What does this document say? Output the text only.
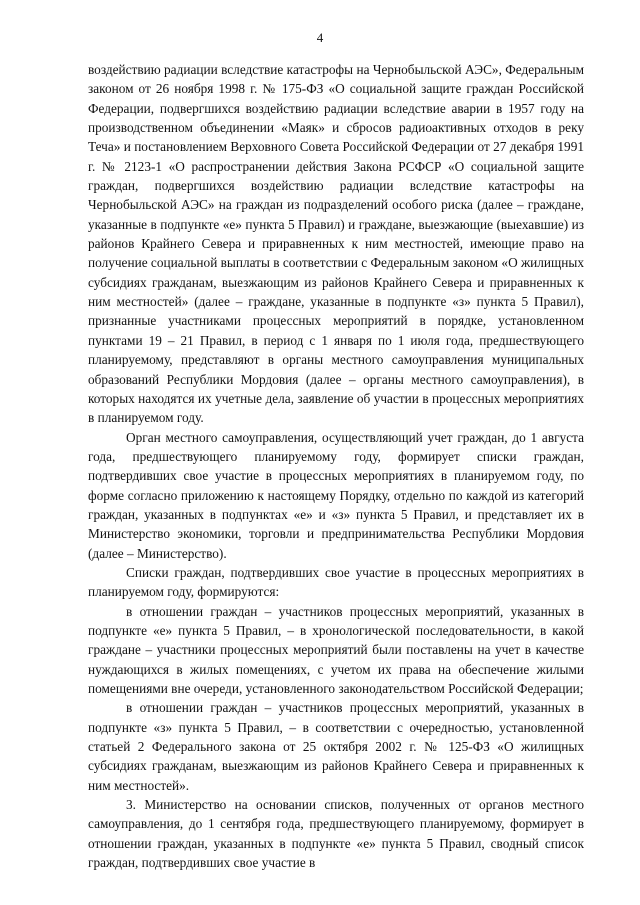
4

воздействию радиации вследствие катастрофы на Чернобыльской АЭС», Федеральным законом от 26 ноября 1998 г. № 175-ФЗ «О социальной защите граждан Российской Федерации, подвергшихся воздействию радиации вследствие аварии в 1957 году на производственном объединении «Маяк» и сбросов радиоактивных отходов в реку Теча» и постановлением Верховного Совета Российской Федерации от 27 декабря 1991 г. № 2123-1 «О распространении действия Закона РСФСР «О социальной защите граждан, подвергшихся воздействию радиации вследствие катастрофы на Чернобыльской АЭС» на граждан из подразделений особого риска (далее – граждане, указанные в подпункте «е» пункта 5 Правил) и граждане, выезжающие (выехавшие) из районов Крайнего Севера и приравненных к ним местностей, имеющие право на получение социальной выплаты в соответствии с Федеральным законом «О жилищных субсидиях гражданам, выезжающим из районов Крайнего Севера и приравненных к ним местностей» (далее – граждане, указанные в подпункте «з» пункта 5 Правил), признанные участниками процессных мероприятий в порядке, установленном пунктами 19 – 21 Правил, в период с 1 января по 1 июля года, предшествующего планируемому, представляют в органы местного самоуправления муниципальных образований Республики Мордовия (далее – органы местного самоуправления), в которых находятся их учетные дела, заявление об участии в процессных мероприятиях в планируемом году.

Орган местного самоуправления, осуществляющий учет граждан, до 1 августа года, предшествующего планируемому году, формирует списки граждан, подтвердивших свое участие в процессных мероприятиях в планируемом году, по форме согласно приложению к настоящему Порядку, отдельно по каждой из категорий граждан, указанных в подпунктах «е» и «з» пункта 5 Правил, и представляет их в Министерство экономики, торговли и предпринимательства Республики Мордовия (далее – Министерство).

Списки граждан, подтвердивших свое участие в процессных мероприятиях в планируемом году, формируются:

в отношении граждан – участников процессных мероприятий, указанных в подпункте «е» пункта 5 Правил, – в хронологической последовательности, в какой граждане – участники процессных мероприятий были поставлены на учет в качестве нуждающихся в жилых помещениях, с учетом их права на обеспечение жилыми помещениями вне очереди, установленного законодательством Российской Федерации;

в отношении граждан – участников процессных мероприятий, указанных в подпункте «з» пункта 5 Правил, – в соответствии с очередностью, установленной статьей 2 Федерального закона от 25 октября 2002 г. № 125-ФЗ «О жилищных субсидиях гражданам, выезжающим из районов Крайнего Севера и приравненных к ним местностей».

3. Министерство на основании списков, полученных от органов местного самоуправления, до 1 сентября года, предшествующего планируемому, формирует в отношении граждан, указанных в подпункте «е» пункта 5 Правил, сводный список граждан, подтвердивших свое участие в
